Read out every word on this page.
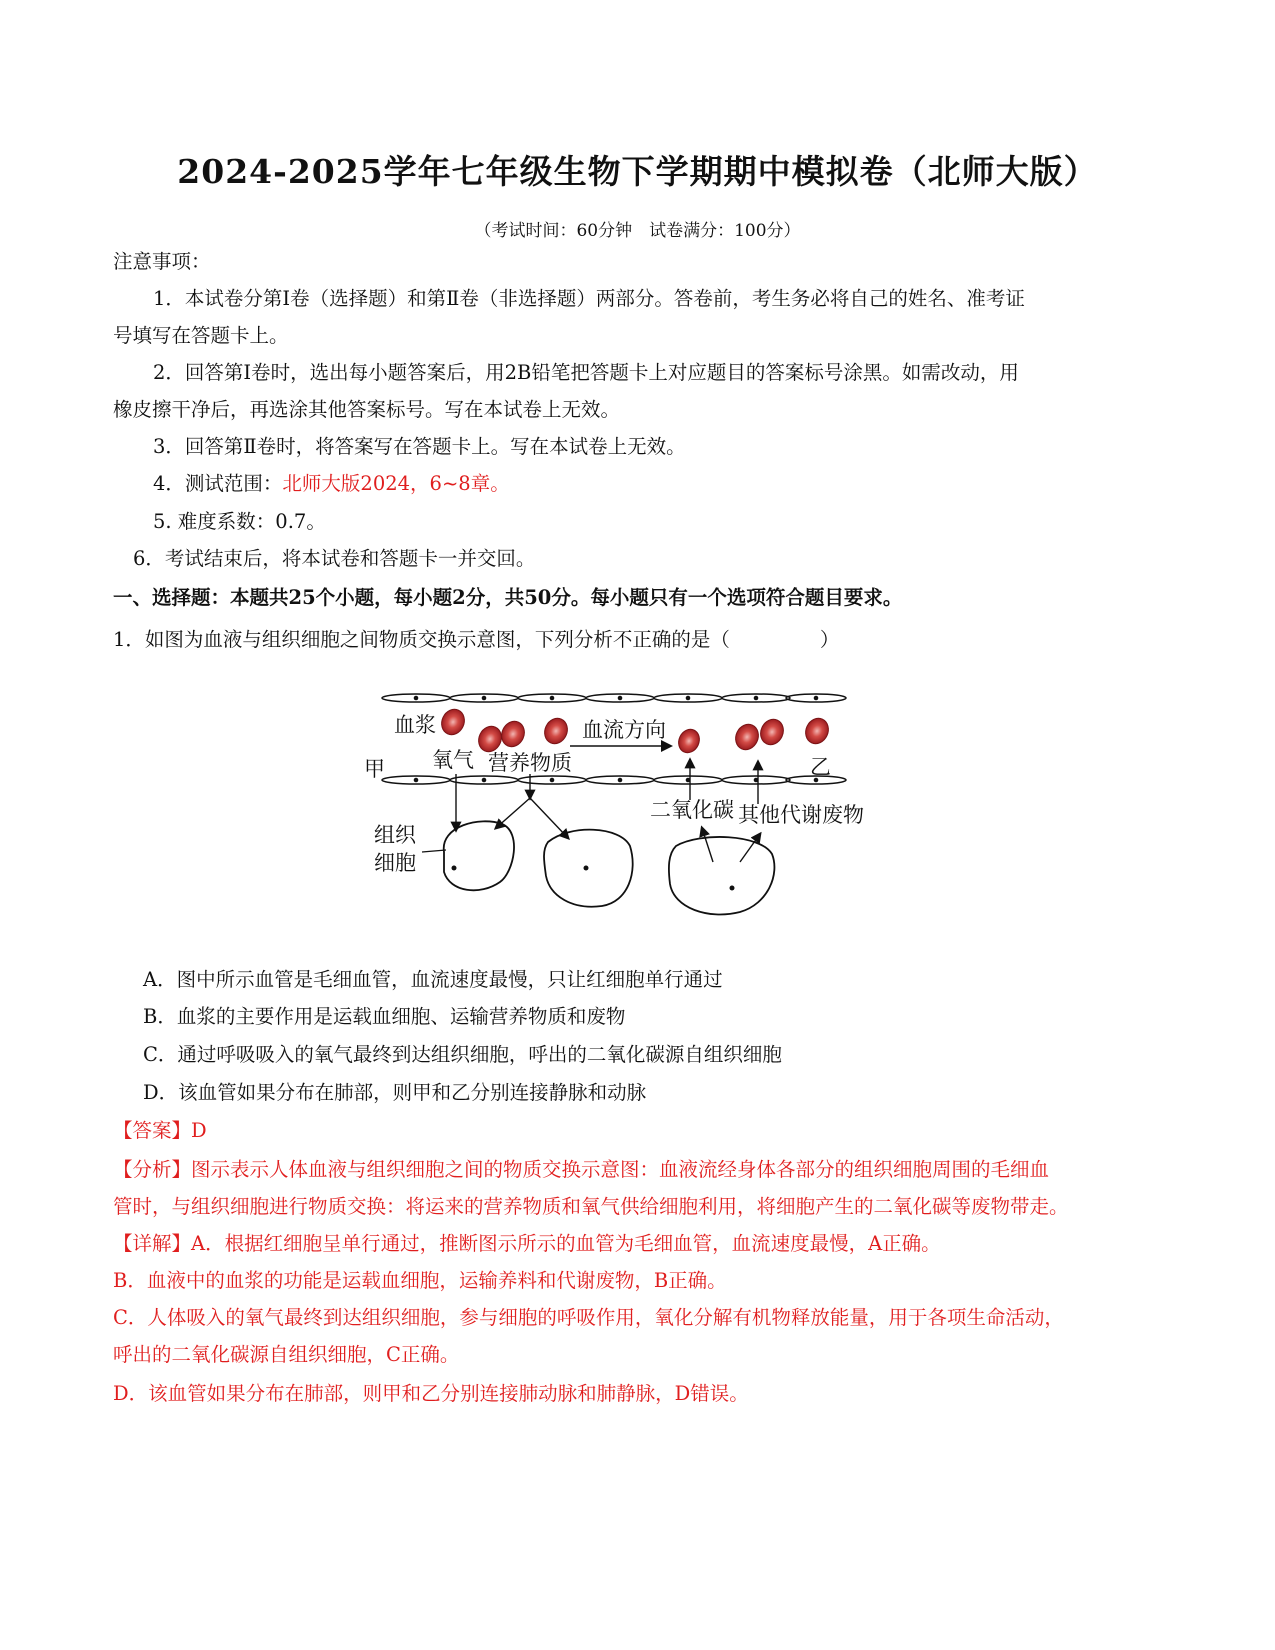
2024-2025学年七年级生物下学期期中模拟卷（北师大版）
（考试时间：60分钟　试卷满分：100分）
注意事项：
1．本试卷分第Ⅰ卷（选择题）和第Ⅱ卷（非选择题）两部分。答卷前，考生务必将自己的姓名、准考证
号填写在答题卡上。
2．回答第Ⅰ卷时，选出每小题答案后，用2B铅笔把答题卡上对应题目的答案标号涂黑。如需改动，用
橡皮擦干净后，再选涂其他答案标号。写在本试卷上无效。
3．回答第Ⅱ卷时，将答案写在答题卡上。写在本试卷上无效。
4．测试范围：北师大版2024，6~8章。
5. 难度系数：0.7。
6．考试结束后，将本试卷和答题卡一并交回。
一、选择题：本题共25个小题，每小题2分，共50分。每小题只有一个选项符合题目要求。
1．如图为血液与组织细胞之间物质交换示意图，下列分析不正确的是（	）
血浆	血流方向
甲	乙
氧气 营养物质
二氧化碳 其他代谢废物
组织
细胞
A．图中所示血管是毛细血管，血流速度最慢，只让红细胞单行通过
B．血浆的主要作用是运载血细胞、运输营养物质和废物
C．通过呼吸吸入的氧气最终到达组织细胞，呼出的二氧化碳源自组织细胞
D．该血管如果分布在肺部，则甲和乙分别连接静脉和动脉
【答案】D
【分析】图示表示人体血液与组织细胞之间的物质交换示意图：血液流经身体各部分的组织细胞周围的毛细血
管时，与组织细胞进行物质交换：将运来的营养物质和氧气供给细胞利用，将细胞产生的二氧化碳等废物带走。
【详解】A．根据红细胞呈单行通过，推断图示所示的血管为毛细血管，血流速度最慢，A正确。
B．血液中的血浆的功能是运载血细胞，运输养料和代谢废物，B正确。
C．人体吸入的氧气最终到达组织细胞，参与细胞的呼吸作用，氧化分解有机物释放能量，用于各项生命活动，
呼出的二氧化碳源自组织细胞，C正确。
D．该血管如果分布在肺部，则甲和乙分别连接肺动脉和肺静脉，D错误。
